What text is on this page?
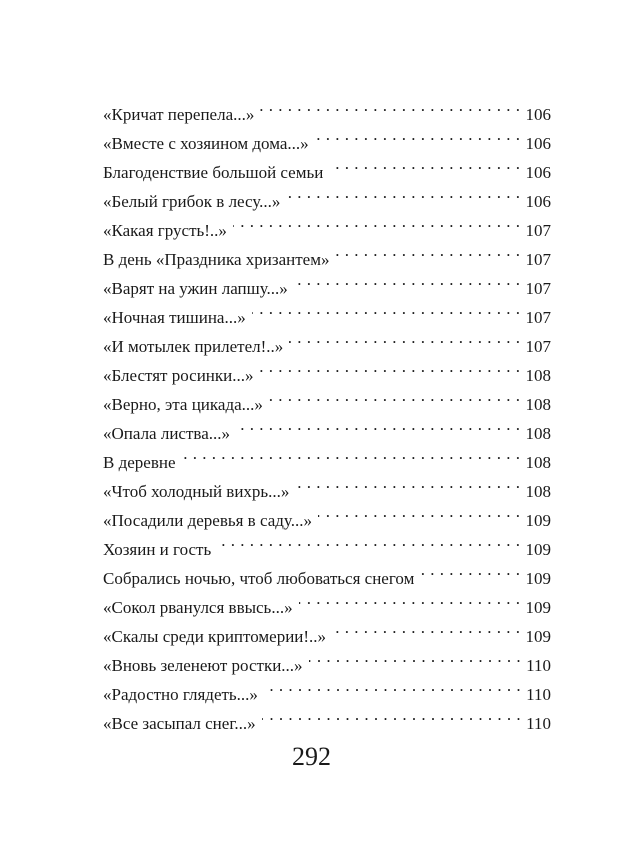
«Кричат перепела...» . . .	106
«Вместе с хозяином дома...» . . .	106
Благоденствие большой семьи . . .	106
«Белый грибок в лесу...» . . .	106
«Какая грусть!..» . . .	107
В день «Праздника хризантем» . . .	107
«Варят на ужин лапшу...» . . .	107
«Ночная тишина...» . . .	107
«И мотылек прилетел!..» . . .	107
«Блестят росинки...» . . .	108
«Верно, эта цикада...» . . .	108
«Опала листва...» . . .	108
В деревне . . .	108
«Чтоб холодный вихрь...» . . .	108
«Посадили деревья в саду...» . . .	109
Хозяин и гость . . .	109
Собрались ночью, чтоб любоваться снегом . . .	109
«Сокол рванулся ввысь...» . . .	109
«Скалы среди криптомерии!..» . . .	109
«Вновь зеленеют ростки...» . . .	110
«Радостно глядеть...» . . .	110
«Все засыпал снег...» . . .	110
292
